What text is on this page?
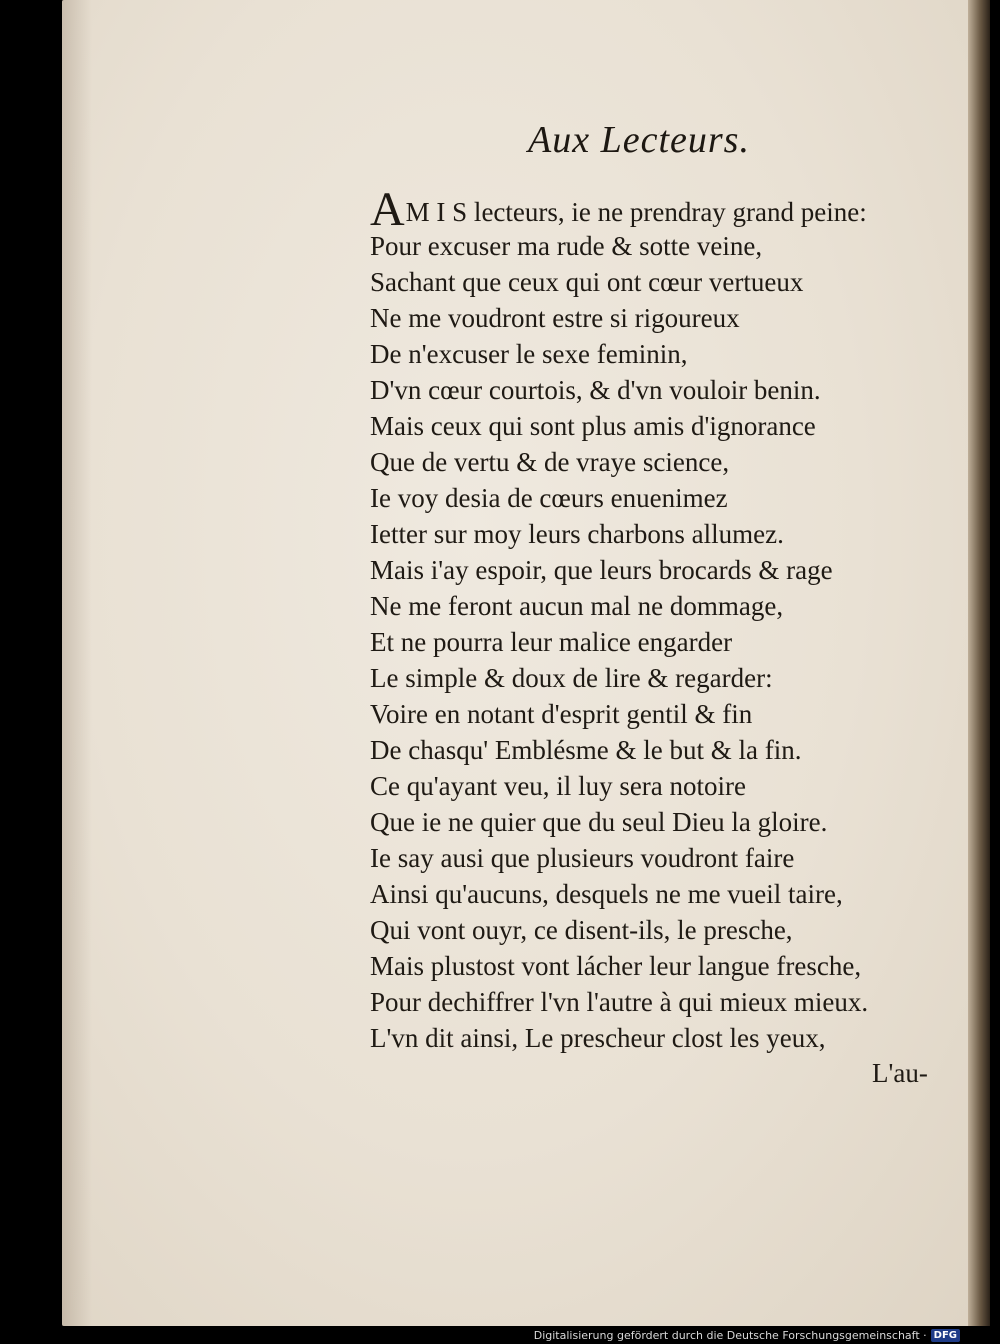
Aux Lecteurs.
AM I S lecteurs, ie ne prendray grand peine:
Pour excuser ma rude & sotte veine,
Sachant que ceux qui ont cœur vertueux
Ne me voudront estre si rigoureux
De n'excuser le sexe feminin,
D'vn cœur courtois, & d'vn vouloir benin.
Mais ceux qui sont plus amis d'ignorance
Que de vertu & de vraye science,
Ie voy desia de cœurs enuenimez
Ietter sur moy leurs charbons allumez.
Mais i'ay espoir, que leurs brocards & rage
Ne me feront aucun mal ne dommage,
Et ne pourra leur malice engarder
Le simple & doux de lire & regarder:
Voire en notant d'esprit gentil & fin
De chasqu' Emblésme & le but & la fin.
Ce qu'ayant veu, il luy sera notoire
Que ie ne quier que du seul Dieu la gloire.
Ie say ausi que plusieurs voudront faire
Ainsi qu'aucuns, desquels ne me vueil taire,
Qui vont ouyr, ce disent-ils, le presche,
Mais plustost vont lácher leur langue fresche,
Pour dechiffrer l'vn l'autre à qui mieux mieux.
L'vn dit ainsi, Le prescheur clost les yeux,
L'au-
Digitalisierung gefördert durch die Deutsche Forschungsgemeinschaft · DFG
